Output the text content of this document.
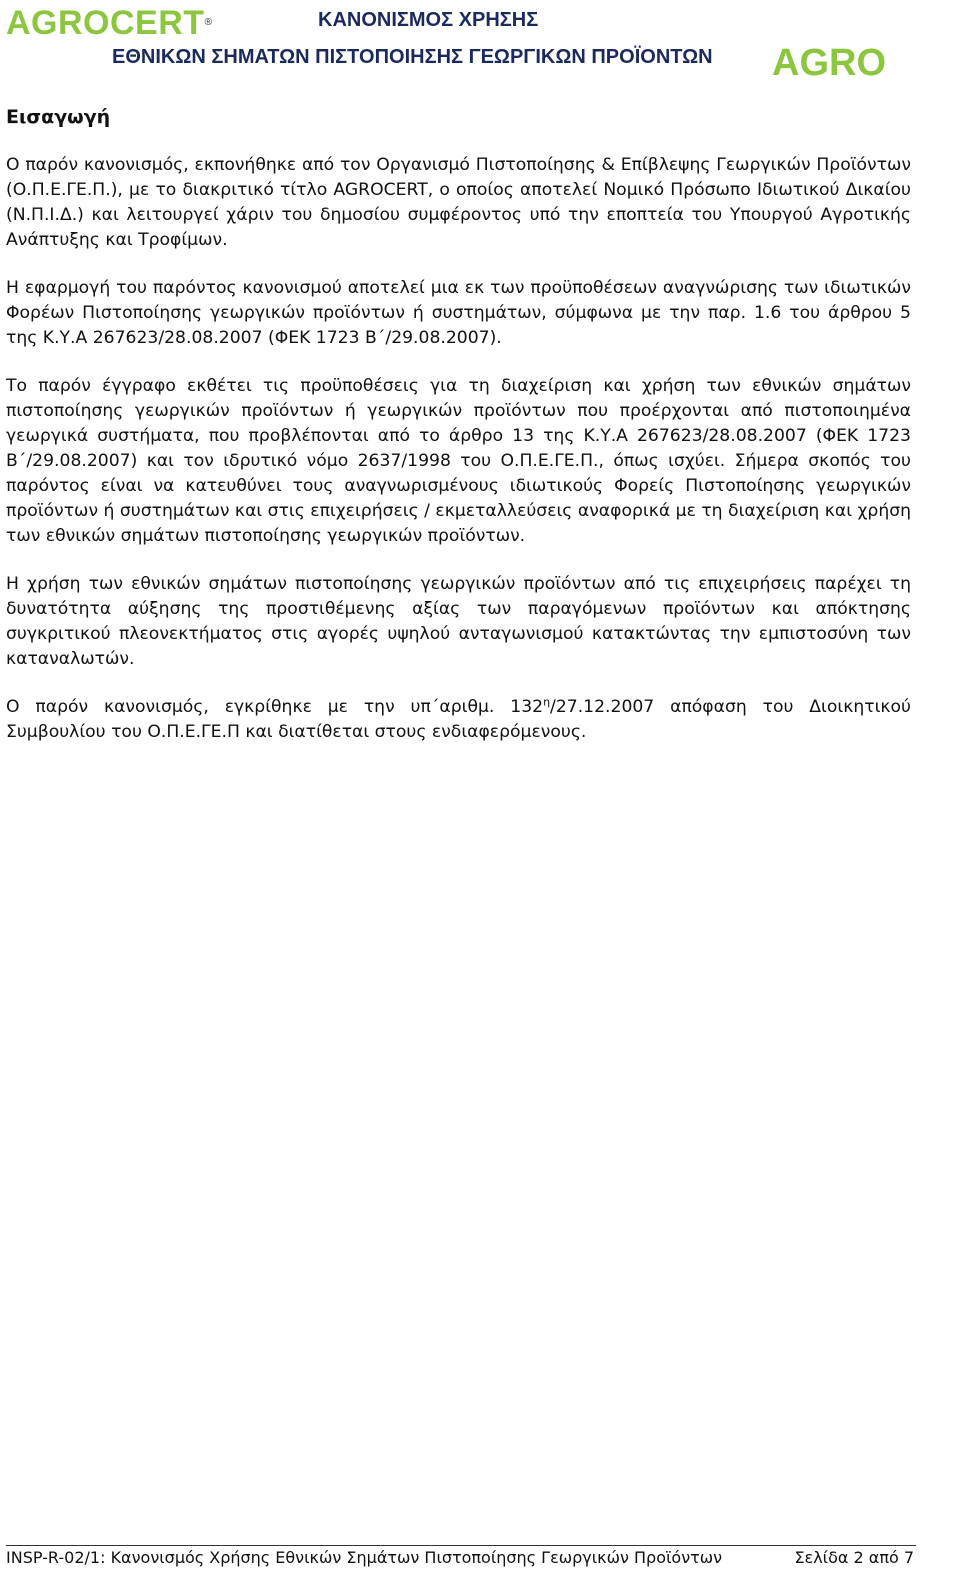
AGROCERT®	ΚΑΝΟΝΙΣΜΟΣ ΧΡΗΣΗΣ
ΕΘΝΙΚΩΝ ΣΗΜΑΤΩΝ ΠΙΣΤΟΠΟΙΗΣΗΣ ΓΕΩΡΓΙΚΩΝ ΠΡΟΪΟΝΤΩΝ AGRO
Εισαγωγή

Ο παρόν κανονισμός, εκπονήθηκε από τον Οργανισμό Πιστοποίησης & Επίβλεψης Γεωργικών Προϊόντων (Ο.Π.Ε.ΓΕ.Π.), με το διακριτικό τίτλο AGROCERT, ο οποίος αποτελεί Νομικό Πρόσωπο Ιδιωτικού Δικαίου (Ν.Π.Ι.Δ.) και λειτουργεί χάριν του δημοσίου συμφέροντος υπό την εποπτεία του Υπουργού Αγροτικής Ανάπτυξης και Τροφίμων.

Η εφαρμογή του παρόντος κανονισμού αποτελεί μια εκ των προϋποθέσεων αναγνώρισης των ιδιωτικών Φορέων Πιστοποίησης γεωργικών προϊόντων ή συστημάτων, σύμφωνα με την παρ. 1.6 του άρθρου 5 της Κ.Υ.Α 267623/28.08.2007 (ΦΕΚ 1723 Β΄/29.08.2007).

Το παρόν έγγραφο εκθέτει τις προϋποθέσεις για τη διαχείριση και χρήση των εθνικών σημάτων πιστοποίησης γεωργικών προϊόντων ή γεωργικών προϊόντων που προέρχονται από πιστοποιημένα γεωργικά συστήματα, που προβλέπονται από το άρθρο 13 της Κ.Υ.Α 267623/28.08.2007 (ΦΕΚ 1723 Β΄/29.08.2007) και τον ιδρυτικό νόμο 2637/1998 του Ο.Π.Ε.ΓΕ.Π., όπως ισχύει. Σήμερα σκοπός του παρόντος είναι να κατευθύνει τους αναγνωρισμένους ιδιωτικούς Φορείς Πιστοποίησης γεωργικών προϊόντων ή συστημάτων και στις επιχειρήσεις / εκμεταλλεύσεις αναφορικά με τη διαχείριση και χρήση των εθνικών σημάτων πιστοποίησης γεωργικών προϊόντων.

Η χρήση των εθνικών σημάτων πιστοποίησης γεωργικών προϊόντων από τις επιχειρήσεις παρέχει τη δυνατότητα αύξησης της προστιθέμενης αξίας των παραγόμενων προϊόντων και απόκτησης συγκριτικού πλεονεκτήματος στις αγορές υψηλού ανταγωνισμού κατακτώντας την εμπιστοσύνη των καταναλωτών.

Ο παρόν κανονισμός, εγκρίθηκε με την υπ΄αριθμ. $132^\eta/27.12.2007$ απόφαση του Διοικητικού Συμβουλίου του Ο.Π.Ε.ΓΕ.Π και διατίθεται στους ενδιαφερόμενους.

INSP-R-02/1: Κανονισμός Χρήσης Εθνικών Σημάτων Πιστοποίησης Γεωργικών Προϊόντων	Σελίδα 2 από 7
